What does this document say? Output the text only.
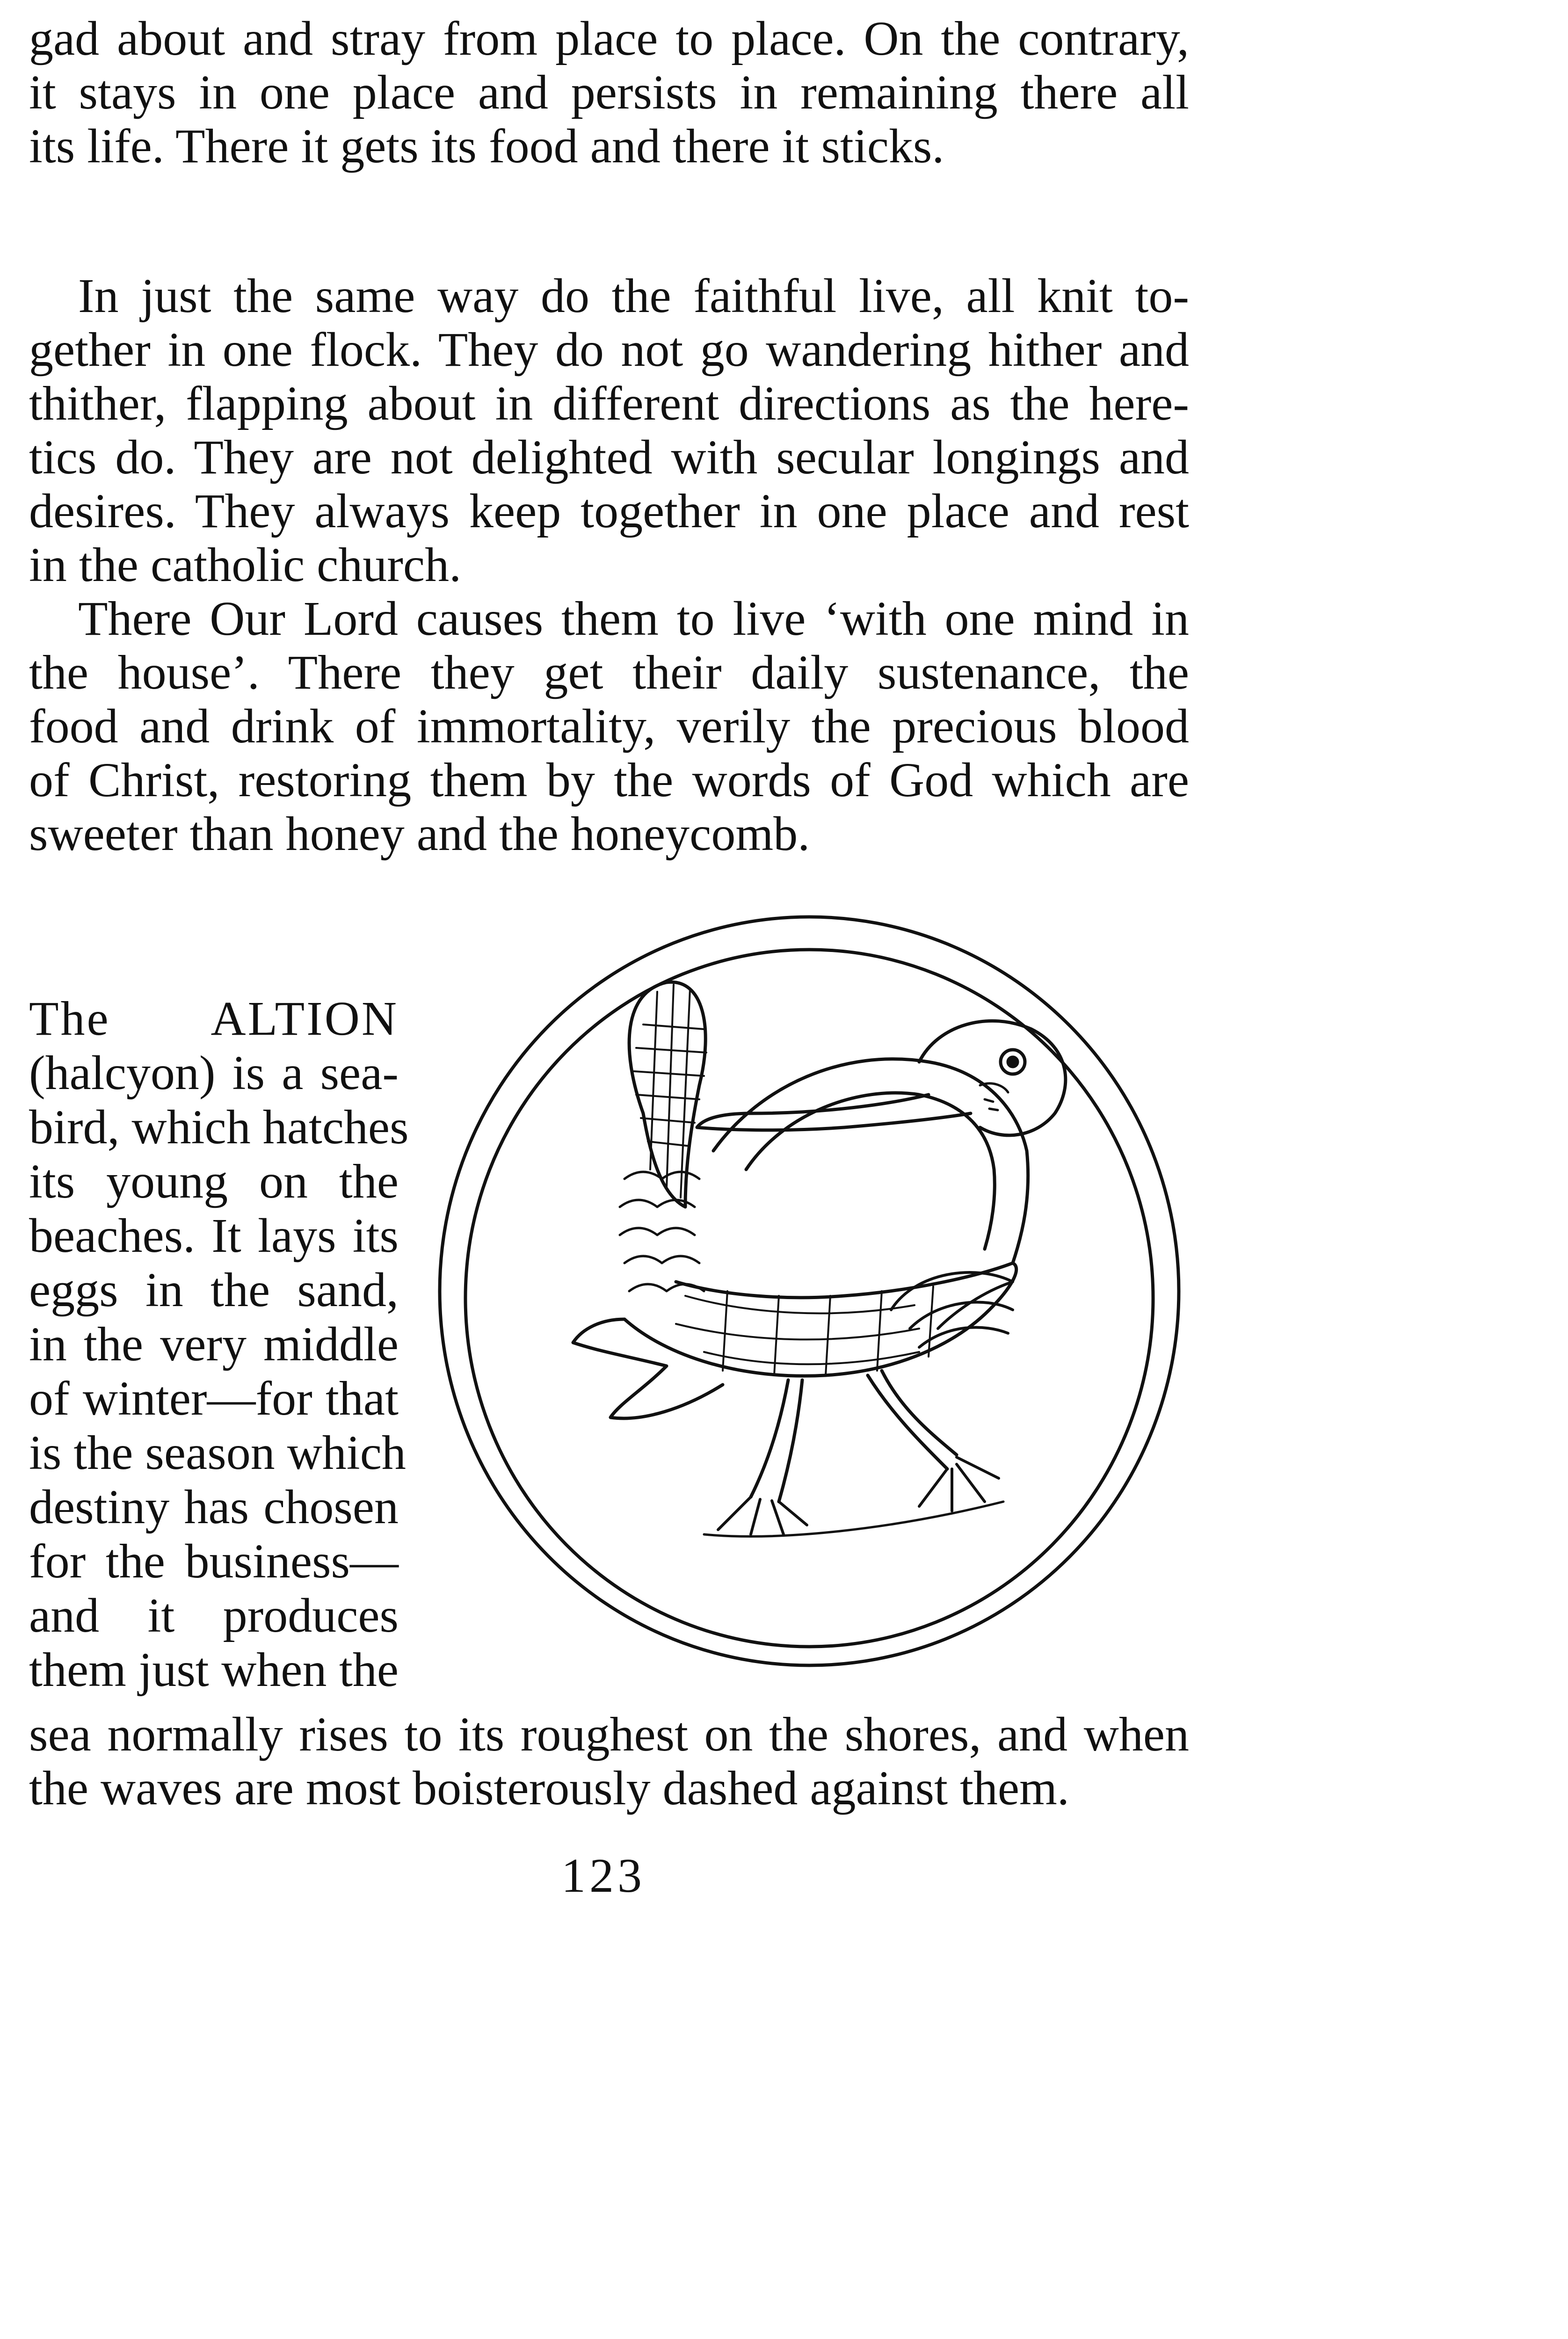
gad about and stray from place to place. On the contrary,
it stays in one place and persists in remaining there all
its life. There it gets its food and there it sticks.
In just the same way do the faithful live, all knit to-
gether in one flock. They do not go wandering hither and
thither, flapping about in different directions as the here-
tics do. They are not delighted with secular longings and
desires. They always keep together in one place and rest
in the catholic church.
There Our Lord causes them to live ‘with one mind in
the house’. There they get their daily sustenance, the
food and drink of immortality, verily the precious blood
of Christ, restoring them by the words of God which are
sweeter than honey and the honeycomb.
The ALTION
(halcyon) is a sea-
bird, which hatches
its young on the
beaches. It lays its
eggs in the sand,
in the very middle
of winter—for that
is the season which
destiny has chosen
for the business—
and it produces
them just when the
sea normally rises to its roughest on the shores, and when
the waves are most boisterously dashed against them.
123
